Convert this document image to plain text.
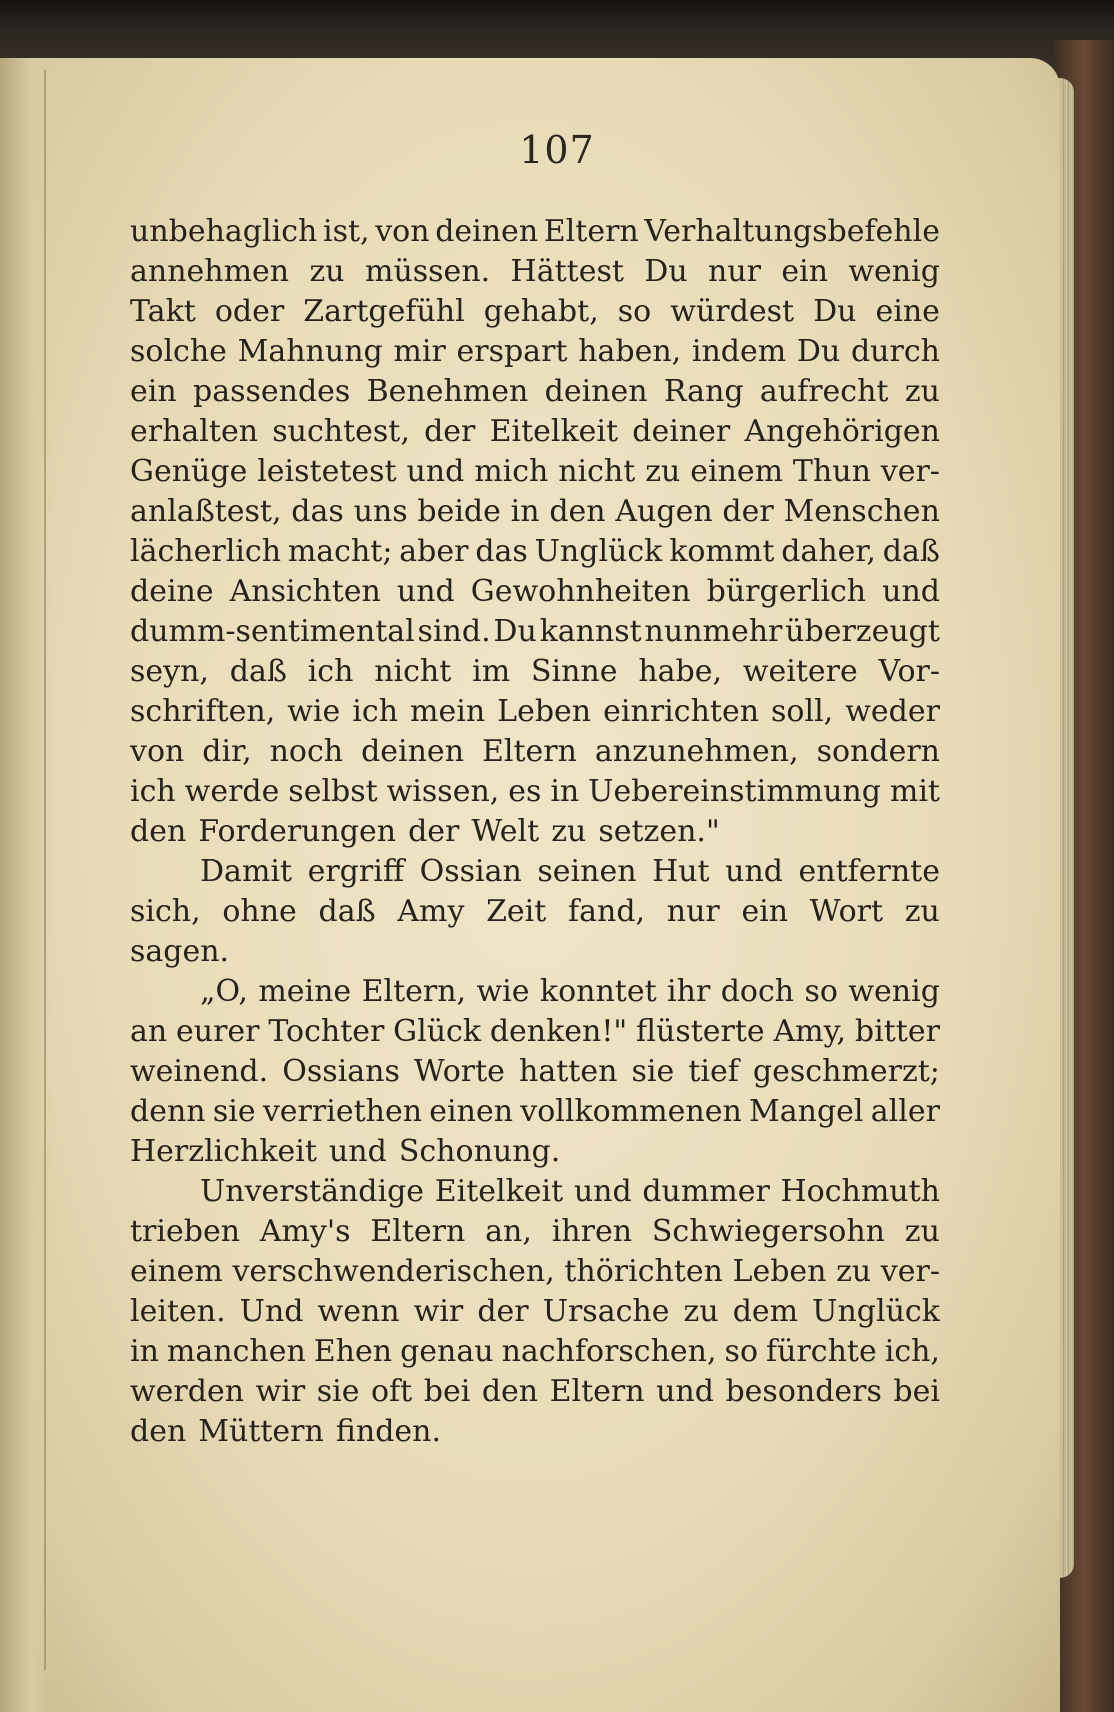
107
unbehaglich ist, von deinen Eltern Verhaltungsbefehle
annehmen zu müssen. Hättest Du nur ein wenig
Takt oder Zartgefühl gehabt, so würdest Du eine
solche Mahnung mir erspart haben, indem Du durch
ein passendes Benehmen deinen Rang aufrecht zu
erhalten suchtest, der Eitelkeit deiner Angehörigen
Genüge leistetest und mich nicht zu einem Thun ver-
anlaßtest, das uns beide in den Augen der Menschen
lächerlich macht; aber das Unglück kommt daher, daß
deine Ansichten und Gewohnheiten bürgerlich und
dumm-sentimental sind. Du kannst nunmehr überzeugt
seyn, daß ich nicht im Sinne habe, weitere Vor-
schriften, wie ich mein Leben einrichten soll, weder
von dir, noch deinen Eltern anzunehmen, sondern
ich werde selbst wissen, es in Uebereinstimmung mit
den Forderungen der Welt zu setzen."
Damit ergriff Ossian seinen Hut und entfernte
sich, ohne daß Amy Zeit fand, nur ein Wort zu
sagen.
„O, meine Eltern, wie konntet ihr doch so wenig
an eurer Tochter Glück denken!" flüsterte Amy, bitter
weinend. Ossians Worte hatten sie tief geschmerzt;
denn sie verriethen einen vollkommenen Mangel aller
Herzlichkeit und Schonung.
Unverständige Eitelkeit und dummer Hochmuth
trieben Amy's Eltern an, ihren Schwiegersohn zu
einem verschwenderischen, thörichten Leben zu ver-
leiten. Und wenn wir der Ursache zu dem Unglück
in manchen Ehen genau nachforschen, so fürchte ich,
werden wir sie oft bei den Eltern und besonders bei
den Müttern finden.
